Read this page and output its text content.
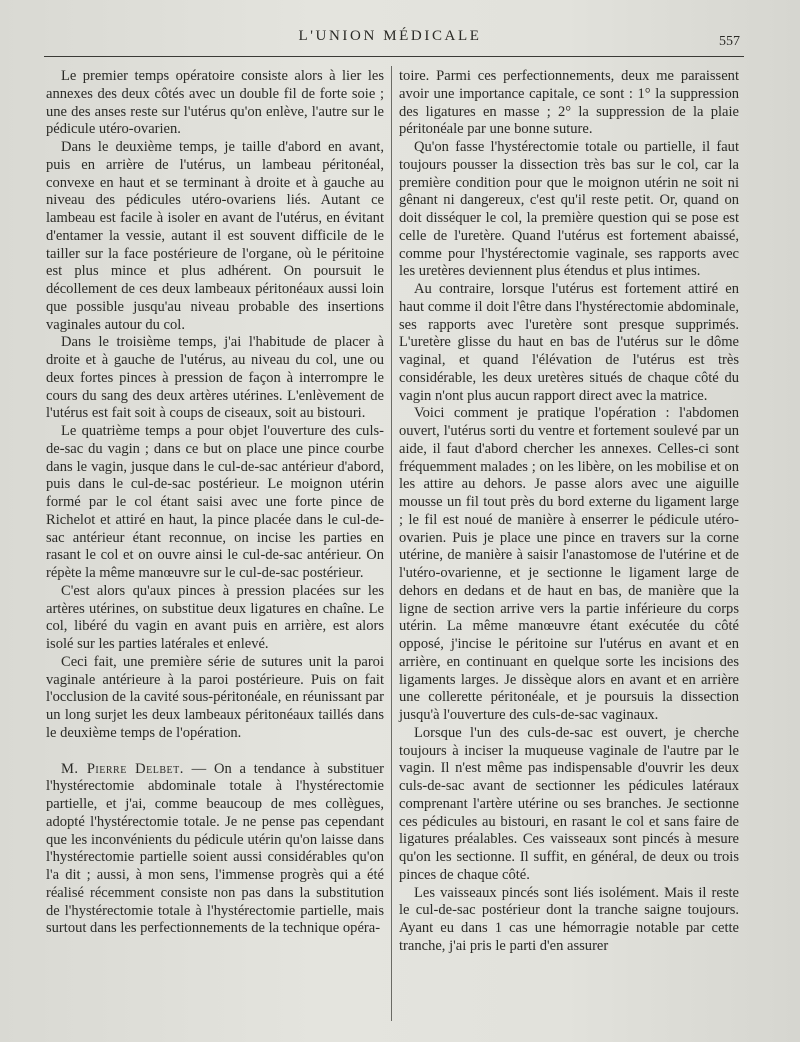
L'UNION MÉDICALE	557

Le premier temps opératoire consiste alors à lier les annexes des deux côtés avec un double fil de forte soie ; une des anses reste sur l'utérus qu'on enlève, l'autre sur le pédicule utéro-ovarien.

Dans le deuxième temps, je taille d'abord en avant, puis en arrière de l'utérus, un lambeau péritonéal, convexe en haut et se terminant à droite et à gauche au niveau des pédicules utéro-ovariens liés. Autant ce lambeau est facile à isoler en avant de l'utérus, en évitant d'entamer la vessie, autant il est souvent difficile de le tailler sur la face postérieure de l'organe, où le péritoine est plus mince et plus adhérent. On poursuit le décollement de ces deux lambeaux péritonéaux aussi loin que possible jusqu'au niveau probable des insertions vaginales autour du col.

Dans le troisième temps, j'ai l'habitude de placer à droite et à gauche de l'utérus, au niveau du col, une ou deux fortes pinces à pression de façon à interrompre le cours du sang des deux artères utérines. L'enlèvement de l'utérus est fait soit à coups de ciseaux, soit au bistouri.

Le quatrième temps a pour objet l'ouverture des culs-de-sac du vagin ; dans ce but on place une pince courbe dans le vagin, jusque dans le cul-de-sac antérieur d'abord, puis dans le cul-de-sac postérieur. Le moignon utérin formé par le col étant saisi avec une forte pince de Richelot et attiré en haut, la pince placée dans le cul-de-sac antérieur étant reconnue, on incise les parties en rasant le col et on ouvre ainsi le cul-de-sac antérieur. On répète la même manœuvre sur le cul-de-sac postérieur.

C'est alors qu'aux pinces à pression placées sur les artères utérines, on substitue deux ligatures en chaîne. Le col, libéré du vagin en avant puis en arrière, est alors isolé sur les parties latérales et enlevé.

Ceci fait, une première série de sutures unit la paroi vaginale antérieure à la paroi postérieure. Puis on fait l'occlusion de la cavité sous-péritonéale, en réunissant par un long surjet les deux lambeaux péritonéaux taillés dans le deuxième temps de l'opération.

M. Pierre Delbet. — On a tendance à substituer l'hystérectomie abdominale totale à l'hystérectomie partielle, et j'ai, comme beaucoup de mes collègues, adopté l'hystérectomie totale. Je ne pense pas cependant que les inconvénients du pédicule utérin qu'on laisse dans l'hystérectomie partielle soient aussi considérables qu'on l'a dit ; aussi, à mon sens, l'immense progrès qui a été réalisé récemment consiste non pas dans la substitution de l'hystérectomie totale à l'hystérectomie partielle, mais surtout dans les perfectionnements de la technique opéra-

toire. Parmi ces perfectionnements, deux me paraissent avoir une importance capitale, ce sont : 1° la suppression des ligatures en masse ; 2° la suppression de la plaie péritonéale par une bonne suture.

Qu'on fasse l'hystérectomie totale ou partielle, il faut toujours pousser la dissection très bas sur le col, car la première condition pour que le moignon utérin ne soit ni gênant ni dangereux, c'est qu'il reste petit. Or, quand on doit disséquer le col, la première question qui se pose est celle de l'uretère. Quand l'utérus est fortement abaissé, comme pour l'hystérectomie vaginale, ses rapports avec les uretères deviennent plus étendus et plus intimes.

Au contraire, lorsque l'utérus est fortement attiré en haut comme il doit l'être dans l'hystérectomie abdominale, ses rapports avec l'uretère sont presque supprimés. L'uretère glisse du haut en bas de l'utérus sur le dôme vaginal, et quand l'élévation de l'utérus est très considérable, les deux uretères situés de chaque côté du vagin n'ont plus aucun rapport direct avec la matrice.

Voici comment je pratique l'opération : l'abdomen ouvert, l'utérus sorti du ventre et fortement soulevé par un aide, il faut d'abord chercher les annexes. Celles-ci sont fréquemment malades ; on les libère, on les mobilise et on les attire au dehors. Je passe alors avec une aiguille mousse un fil tout près du bord externe du ligament large ; le fil est noué de manière à enserrer le pédicule utéro-ovarien. Puis je place une pince en travers sur la corne utérine, de manière à saisir l'anastomose de l'utérine et de l'utéro-ovarienne, et je sectionne le ligament large de dehors en dedans et de haut en bas, de manière que la ligne de section arrive vers la partie inférieure du corps utérin. La même manœuvre étant exécutée du côté opposé, j'incise le péritoine sur l'utérus en avant et en arrière, en continuant en quelque sorte les incisions des ligaments larges. Je dissèque alors en avant et en arrière une collerette péritonéale, et je poursuis la dissection jusqu'à l'ouverture des culs-de-sac vaginaux.

Lorsque l'un des culs-de-sac est ouvert, je cherche toujours à inciser la muqueuse vaginale de l'autre par le vagin. Il n'est même pas indispensable d'ouvrir les deux culs-de-sac avant de sectionner les pédicules latéraux comprenant l'artère utérine ou ses branches. Je sectionne ces pédicules au bistouri, en rasant le col et sans faire de ligatures préalables. Ces vaisseaux sont pincés à mesure qu'on les sectionne. Il suffit, en général, de deux ou trois pinces de chaque côté.

Les vaisseaux pincés sont liés isolément. Mais il reste le cul-de-sac postérieur dont la tranche saigne toujours. Ayant eu dans 1 cas une hémorragie notable par cette tranche, j'ai pris le parti d'en assurer
